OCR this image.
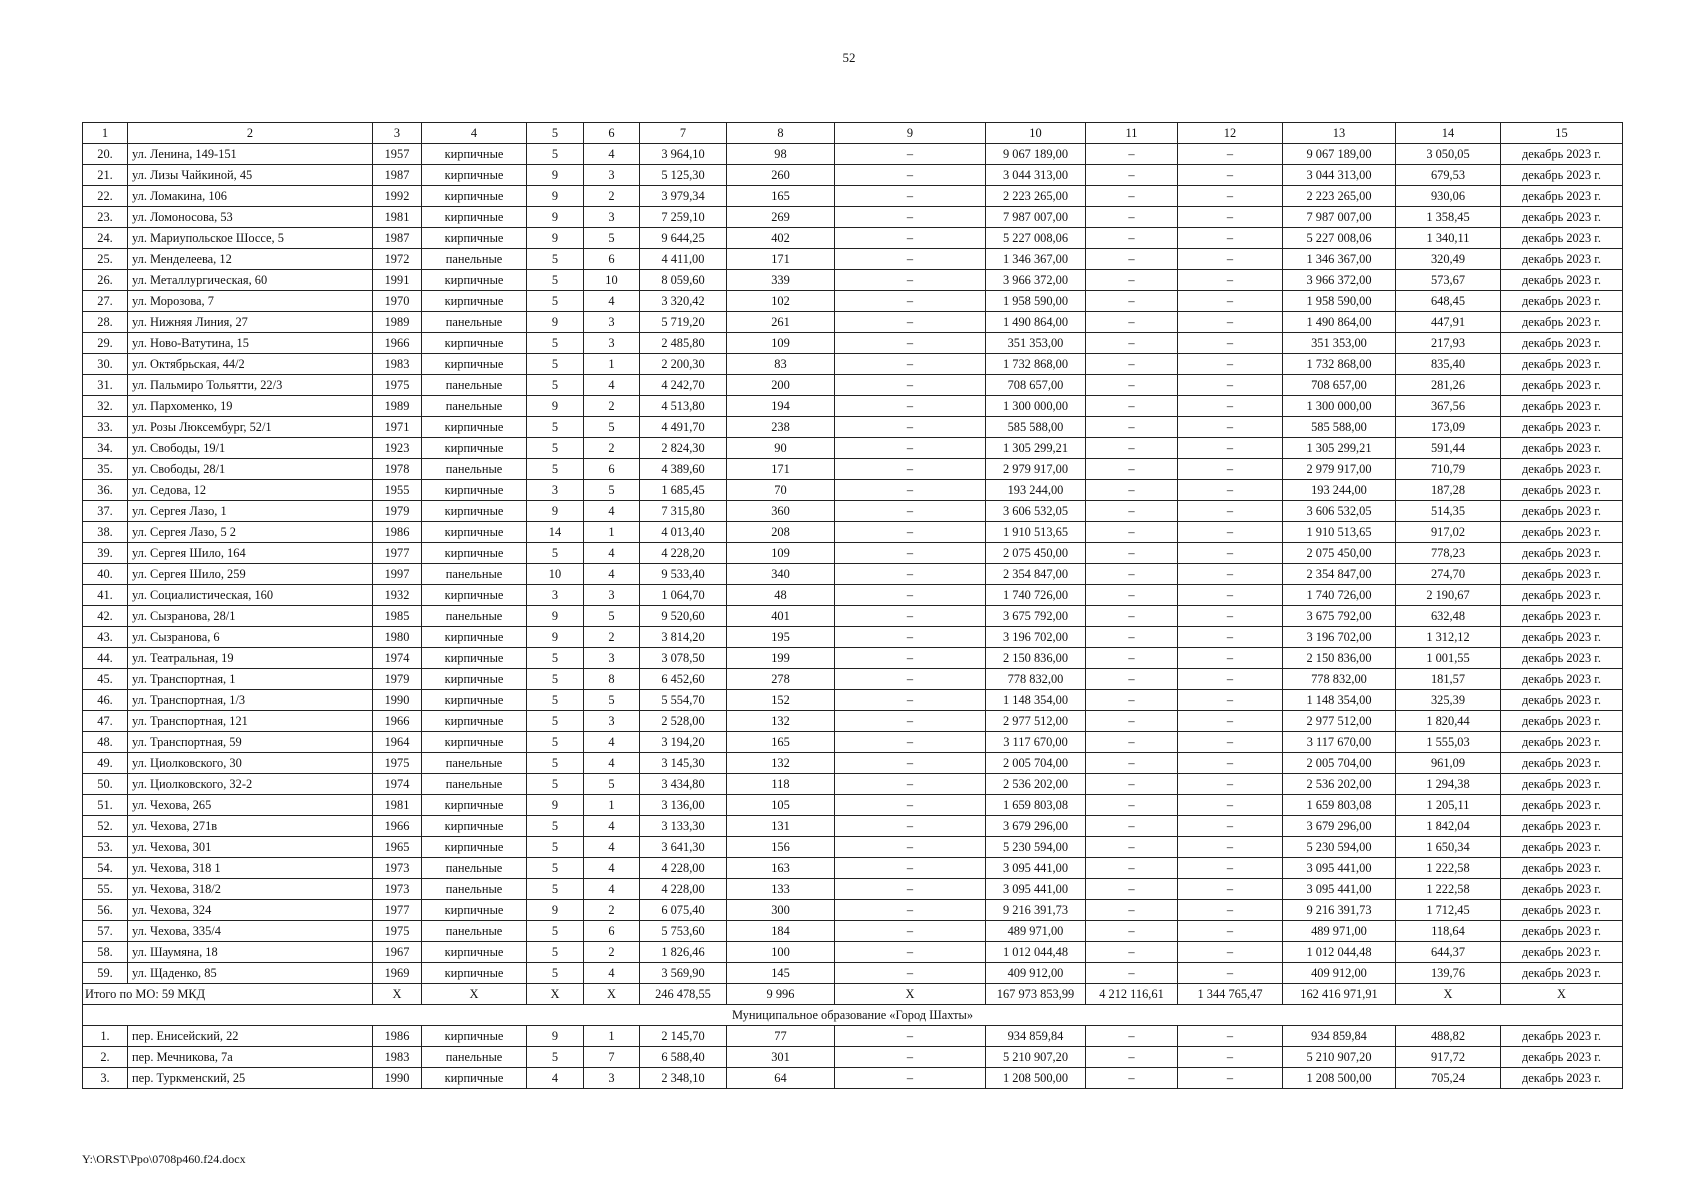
52
1	2	3	4	5	6	7	8	9	10	11	12	13	14	15
20.	ул. Ленина, 149-151	1957	кирпичные	5	4	3 964,10	98	–	9 067 189,00	–	–	9 067 189,00	3 050,05	декабрь 2023 г.
21.	ул. Лизы Чайкиной, 45	1987	кирпичные	9	3	5 125,30	260	–	3 044 313,00	–	–	3 044 313,00	679,53	декабрь 2023 г.
22.	ул. Ломакина, 106	1992	кирпичные	9	2	3 979,34	165	–	2 223 265,00	–	–	2 223 265,00	930,06	декабрь 2023 г.
23.	ул. Ломоносова, 53	1981	кирпичные	9	3	7 259,10	269	–	7 987 007,00	–	–	7 987 007,00	1 358,45	декабрь 2023 г.
24.	ул. Мариупольское Шоссе, 5	1987	кирпичные	9	5	9 644,25	402	–	5 227 008,06	–	–	5 227 008,06	1 340,11	декабрь 2023 г.
25.	ул. Менделеева, 12	1972	панельные	5	6	4 411,00	171	–	1 346 367,00	–	–	1 346 367,00	320,49	декабрь 2023 г.
26.	ул. Металлургическая, 60	1991	кирпичные	5	10	8 059,60	339	–	3 966 372,00	–	–	3 966 372,00	573,67	декабрь 2023 г.
27.	ул. Морозова, 7	1970	кирпичные	5	4	3 320,42	102	–	1 958 590,00	–	–	1 958 590,00	648,45	декабрь 2023 г.
28.	ул. Нижняя Линия, 27	1989	панельные	9	3	5 719,20	261	–	1 490 864,00	–	–	1 490 864,00	447,91	декабрь 2023 г.
29.	ул. Ново-Ватутина, 15	1966	кирпичные	5	3	2 485,80	109	–	351 353,00	–	–	351 353,00	217,93	декабрь 2023 г.
30.	ул. Октябрьская, 44/2	1983	кирпичные	5	1	2 200,30	83	–	1 732 868,00	–	–	1 732 868,00	835,40	декабрь 2023 г.
31.	ул. Пальмиро Тольятти, 22/3	1975	панельные	5	4	4 242,70	200	–	708 657,00	–	–	708 657,00	281,26	декабрь 2023 г.
32.	ул. Пархоменко, 19	1989	панельные	9	2	4 513,80	194	–	1 300 000,00	–	–	1 300 000,00	367,56	декабрь 2023 г.
33.	ул. Розы Люксембург, 52/1	1971	кирпичные	5	5	4 491,70	238	–	585 588,00	–	–	585 588,00	173,09	декабрь 2023 г.
34.	ул. Свободы, 19/1	1923	кирпичные	5	2	2 824,30	90	–	1 305 299,21	–	–	1 305 299,21	591,44	декабрь 2023 г.
35.	ул. Свободы, 28/1	1978	панельные	5	6	4 389,60	171	–	2 979 917,00	–	–	2 979 917,00	710,79	декабрь 2023 г.
36.	ул. Седова, 12	1955	кирпичные	3	5	1 685,45	70	–	193 244,00	–	–	193 244,00	187,28	декабрь 2023 г.
37.	ул. Сергея Лазо, 1	1979	кирпичные	9	4	7 315,80	360	–	3 606 532,05	–	–	3 606 532,05	514,35	декабрь 2023 г.
38.	ул. Сергея Лазо, 5 2	1986	кирпичные	14	1	4 013,40	208	–	1 910 513,65	–	–	1 910 513,65	917,02	декабрь 2023 г.
39.	ул. Сергея Шило, 164	1977	кирпичные	5	4	4 228,20	109	–	2 075 450,00	–	–	2 075 450,00	778,23	декабрь 2023 г.
40.	ул. Сергея Шило, 259	1997	панельные	10	4	9 533,40	340	–	2 354 847,00	–	–	2 354 847,00	274,70	декабрь 2023 г.
41.	ул. Социалистическая, 160	1932	кирпичные	3	3	1 064,70	48	–	1 740 726,00	–	–	1 740 726,00	2 190,67	декабрь 2023 г.
42.	ул. Сызранова, 28/1	1985	панельные	9	5	9 520,60	401	–	3 675 792,00	–	–	3 675 792,00	632,48	декабрь 2023 г.
43.	ул. Сызранова, 6	1980	кирпичные	9	2	3 814,20	195	–	3 196 702,00	–	–	3 196 702,00	1 312,12	декабрь 2023 г.
44.	ул. Театральная, 19	1974	кирпичные	5	3	3 078,50	199	–	2 150 836,00	–	–	2 150 836,00	1 001,55	декабрь 2023 г.
45.	ул. Транспортная, 1	1979	кирпичные	5	8	6 452,60	278	–	778 832,00	–	–	778 832,00	181,57	декабрь 2023 г.
46.	ул. Транспортная, 1/3	1990	кирпичные	5	5	5 554,70	152	–	1 148 354,00	–	–	1 148 354,00	325,39	декабрь 2023 г.
47.	ул. Транспортная, 121	1966	кирпичные	5	3	2 528,00	132	–	2 977 512,00	–	–	2 977 512,00	1 820,44	декабрь 2023 г.
48.	ул. Транспортная, 59	1964	кирпичные	5	4	3 194,20	165	–	3 117 670,00	–	–	3 117 670,00	1 555,03	декабрь 2023 г.
49.	ул. Циолковского, 30	1975	панельные	5	4	3 145,30	132	–	2 005 704,00	–	–	2 005 704,00	961,09	декабрь 2023 г.
50.	ул. Циолковского, 32-2	1974	панельные	5	5	3 434,80	118	–	2 536 202,00	–	–	2 536 202,00	1 294,38	декабрь 2023 г.
51.	ул. Чехова, 265	1981	кирпичные	9	1	3 136,00	105	–	1 659 803,08	–	–	1 659 803,08	1 205,11	декабрь 2023 г.
52.	ул. Чехова, 271в	1966	кирпичные	5	4	3 133,30	131	–	3 679 296,00	–	–	3 679 296,00	1 842,04	декабрь 2023 г.
53.	ул. Чехова, 301	1965	кирпичные	5	4	3 641,30	156	–	5 230 594,00	–	–	5 230 594,00	1 650,34	декабрь 2023 г.
54.	ул. Чехова, 318 1	1973	панельные	5	4	4 228,00	163	–	3 095 441,00	–	–	3 095 441,00	1 222,58	декабрь 2023 г.
55.	ул. Чехова, 318/2	1973	панельные	5	4	4 228,00	133	–	3 095 441,00	–	–	3 095 441,00	1 222,58	декабрь 2023 г.
56.	ул. Чехова, 324	1977	кирпичные	9	2	6 075,40	300	–	9 216 391,73	–	–	9 216 391,73	1 712,45	декабрь 2023 г.
57.	ул. Чехова, 335/4	1975	панельные	5	6	5 753,60	184	–	489 971,00	–	–	489 971,00	118,64	декабрь 2023 г.
58.	ул. Шаумяна, 18	1967	кирпичные	5	2	1 826,46	100	–	1 012 044,48	–	–	1 012 044,48	644,37	декабрь 2023 г.
59.	ул. Щаденко, 85	1969	кирпичные	5	4	3 569,90	145	–	409 912,00	–	–	409 912,00	139,76	декабрь 2023 г.
Итого по МО: 59 МКД		X	X	X	X	246 478,55	9 996	X	167 973 853,99	4 212 116,61	1 344 765,47	162 416 971,91	X	X
Муниципальное образование «Город Шахты»														
1.	пер. Енисейский, 22	1986	кирпичные	9	1	2 145,70	77	–	934 859,84	–	–	934 859,84	488,82	декабрь 2023 г.
2.	пер. Мечникова, 7а	1983	панельные	5	7	6 588,40	301	–	5 210 907,20	–	–	5 210 907,20	917,72	декабрь 2023 г.
3.	пер. Туркменский, 25	1990	кирпичные	4	3	2 348,10	64	–	1 208 500,00	–	–	1 208 500,00	705,24	декабрь 2023 г.
Y:\ORST\Ppo\0708p460.f24.docx
